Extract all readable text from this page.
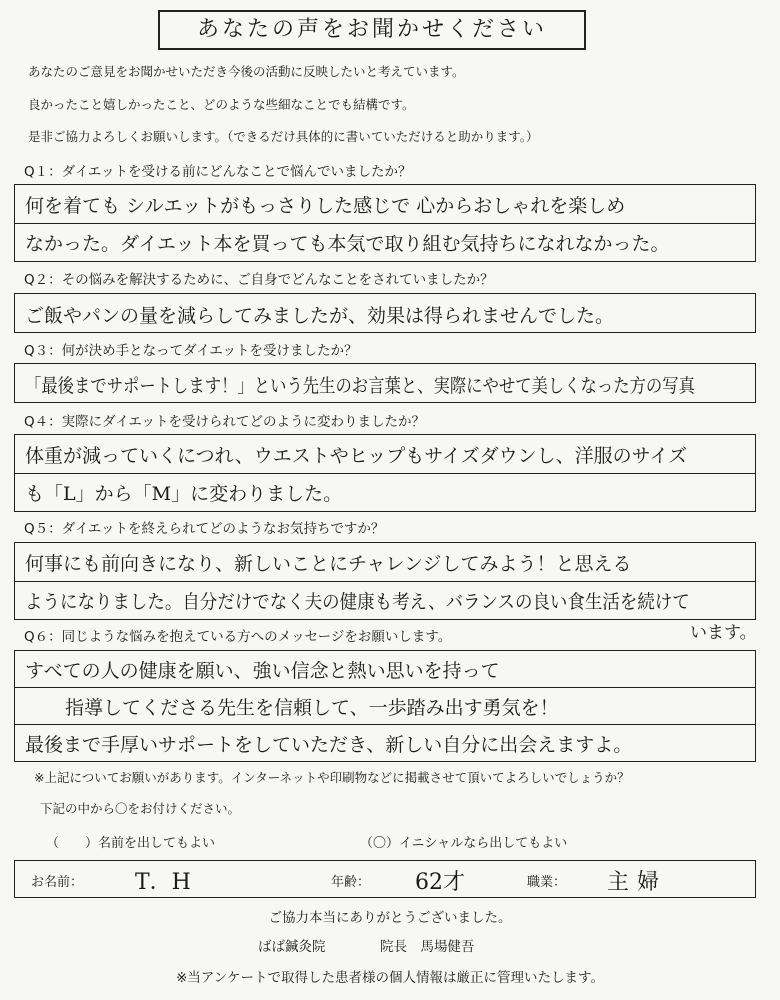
あなたの声をお聞かせください
あなたのご意見をお聞かせいただき今後の活動に反映したいと考えています。
良かったこと嬉しかったこと、どのような些細なことでも結構です。
是非ご協力よろしくお願いします。（できるだけ具体的に書いていただけると助かります。）
Q１：ダイエットを受ける前にどんなことで悩んでいましたか？
何を着ても シルエットがもっさりした感じで 心からおしゃれを楽しめ
なかった。ダイエット本を買っても本気で取り組む気持ちになれなかった。
Q２：その悩みを解決するために、ご自身でどんなことをされていましたか？
ご飯やパンの量を減らしてみましたが、効果は得られませんでした。
Q３：何が決め手となってダイエットを受けましたか？
「最後までサポートします！」という先生のお言葉と、実際にやせて美しくなった方の写真
Q４：実際にダイエットを受けられてどのように変わりましたか？
体重が減っていくにつれ、ウエストやヒップもサイズダウンし、洋服のサイズ
も「L」から「M」に変わりました。
Q５：ダイエットを終えられてどのようなお気持ちですか？
何事にも前向きになり、新しいことにチャレンジしてみよう！と思える
ようになりました。自分だけでなく夫の健康も考え、バランスの良い食生活を続けて
います。
Q６：同じような悩みを抱えている方へのメッセージをお願いします。
すべての人の健康を願い、強い信念と熱い思いを持って
指導してくださる先生を信頼して、一歩踏み出す勇気を！
最後まで手厚いサポートをしていただき、新しい自分に出会えますよ。
※上記についてお願いがあります。インターネットや印刷物などに掲載させて頂いてよろしいでしょうか？
下記の中から〇をお付けください。
（　　）名前を出してもよい	（〇）イニシャルなら出してもよい
お名前： T．H	年齢： 62才	職業： 主婦
ご協力本当にありがとうございました。
ばば鍼灸院	院長　馬場健吾
※当アンケートで取得した患者様の個人情報は厳正に管理いたします。
